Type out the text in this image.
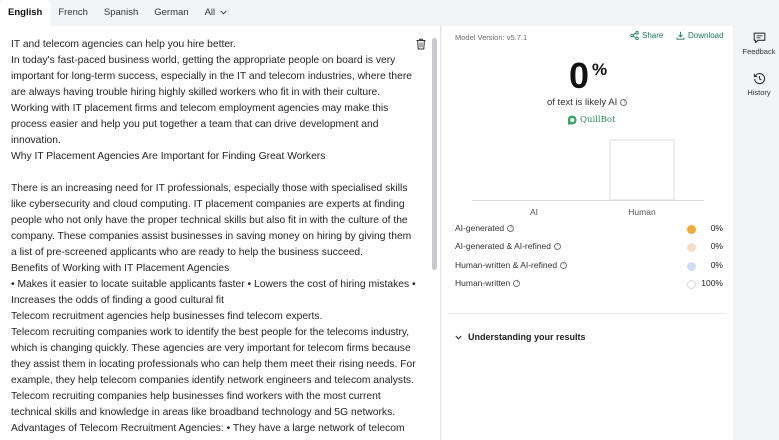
English	French	Spanish	German	All

IT and telecom agencies can help you hire better.

In today's fast-paced business world, getting the appropriate people on board is very important for long-term success, especially in the IT and telecom industries, where there are always having trouble hiring highly skilled workers who fit in with their culture. Working with IT placement firms and telecom employment agencies may make this process easier and help you put together a team that can drive development and innovation.

Why IT Placement Agencies Are Important for Finding Great Workers

There is an increasing need for IT professionals, especially those with specialised skills like cybersecurity and cloud computing. IT placement companies are experts at finding people who not only have the proper technical skills but also fit in with the culture of the company. These companies assist businesses in saving money on hiring by giving them a list of pre-screened applicants who are ready to help the business succeed.

Benefits of Working with IT Placement Agencies

• Makes it easier to locate suitable applicants faster • Lowers the cost of hiring mistakes • Increases the odds of finding a good cultural fit

Telecom recruitment agencies help businesses find telecom experts.

Telecom recruiting companies work to identify the best people for the telecoms industry, which is changing quickly. These agencies are very important for telecom firms because they assist them in locating professionals who can help them meet their rising needs. For example, they help telecom companies identify network engineers and telecom analysts.

Telecom recruiting companies help businesses find workers with the most current technical skills and knowledge in areas like broadband technology and 5G networks.

Advantages of Telecom Recruitment Agencies: • They have a large network of telecom

Model Version: v5.7.1	Share	Download
0 %
of text is likely AI
i
QuillBot
AI	Human
AI-generated i	0%
AI-generated & AI-refined i	0%
Human-written & AI-refined i	0%
Human-written i	100%
Understanding your results
Feedback
History
